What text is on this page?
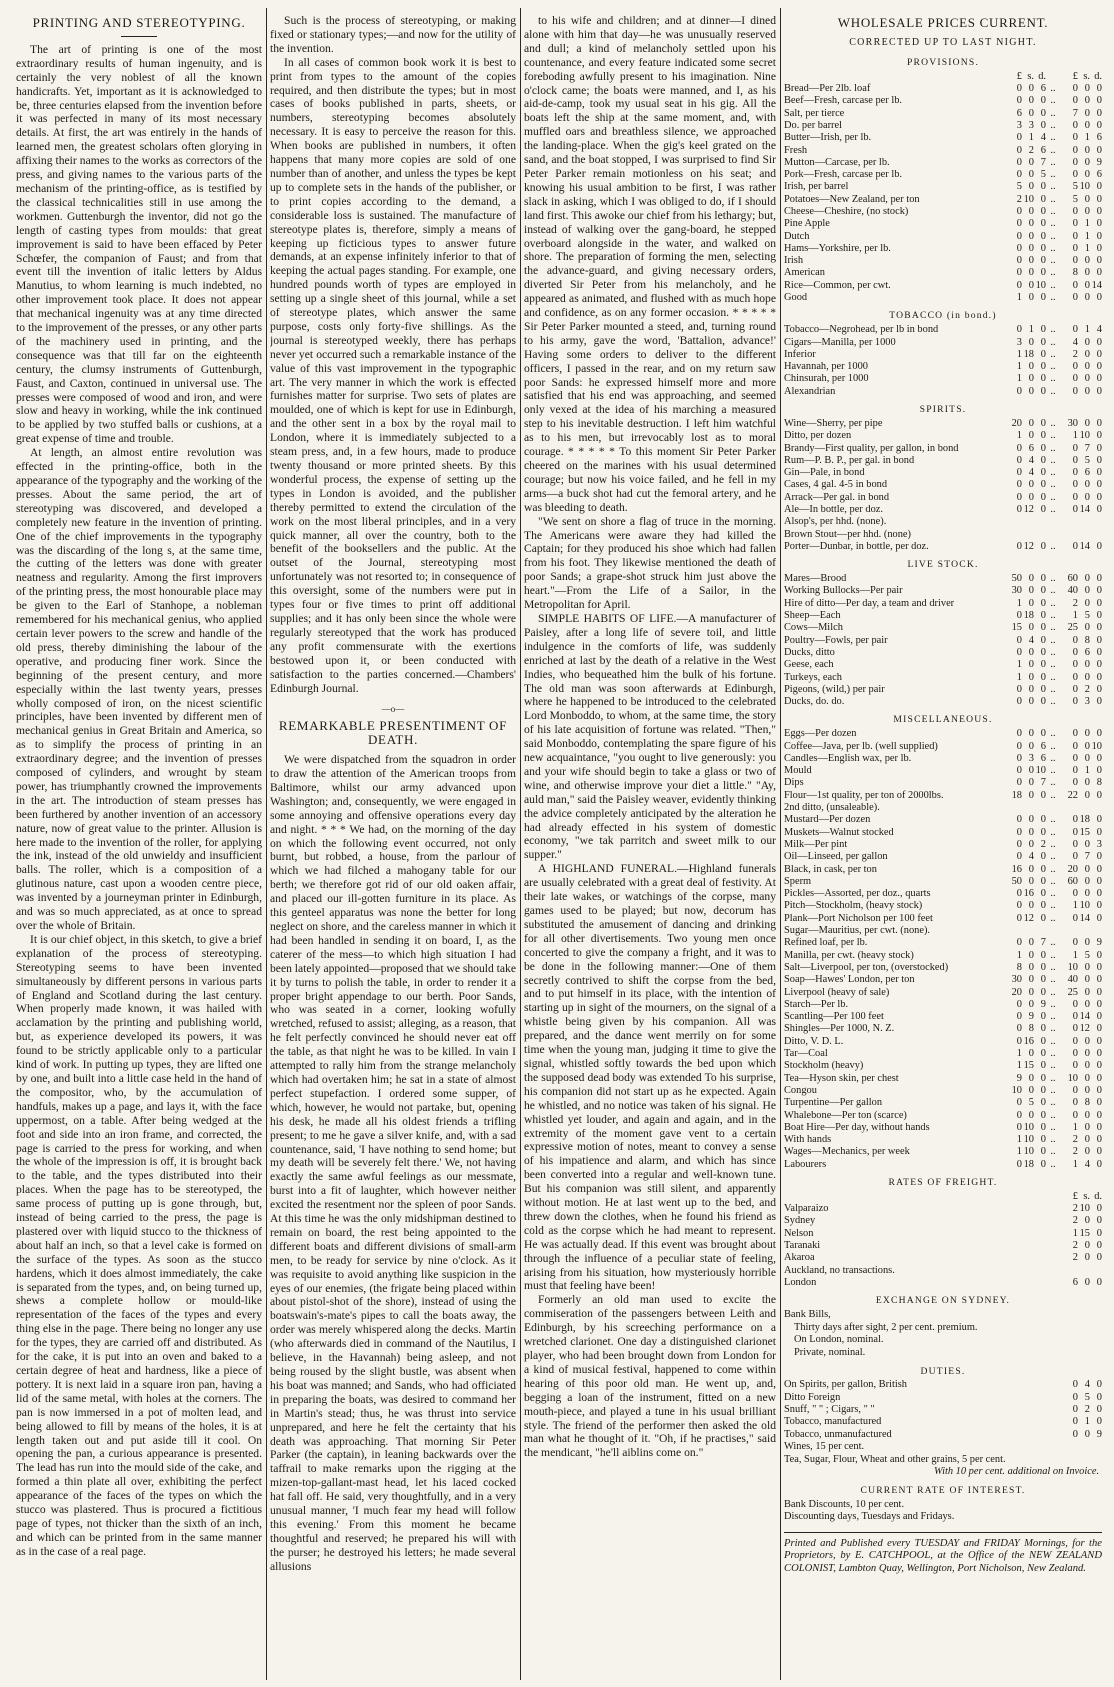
PRINTING AND STEREOTYPING.

The art of printing is one of the most extraordinary results of human ingenuity, and is certainly the very noblest of all the known handicrafts. Yet, important as it is acknowledged to be, three centuries elapsed from the invention before it was perfected in many of its most necessary details. At first, the art was entirely in the hands of learned men, the greatest scholars often glorying in affixing their names to the works as correctors of the press, and giving names to the various parts of the mechanism of the printing-office, as is testified by the classical technicalities still in use among the workmen. Guttenburgh the inventor, did not go the length of casting types from moulds: that great improvement is said to have been effaced by Peter Schœfer, the companion of Faust; and from that event till the invention of italic letters by Aldus Manutius, to whom learning is much indebted, no other improvement took place. It does not appear that mechanical ingenuity was at any time directed to the improvement of the presses, or any other parts of the machinery used in printing, and the consequence was that till far on the eighteenth century, the clumsy instruments of Guttenburgh, Faust, and Caxton, continued in universal use. The presses were composed of wood and iron, and were slow and heavy in working, while the ink continued to be applied by two stuffed balls or cushions, at a great expense of time and trouble.

At length, an almost entire revolution was effected in the printing-office, both in the appearance of the typography and the working of the presses. About the same period, the art of stereotyping was discovered, and developed a completely new feature in the invention of printing. One of the chief improvements in the typography was the discarding of the long s, at the same time, the cutting of the letters was done with greater neatness and regularity. Among the first improvers of the printing press, the most honourable place may be given to the Earl of Stanhope, a nobleman remembered for his mechanical genius, who applied certain lever powers to the screw and handle of the old press, thereby diminishing the labour of the operative, and producing finer work. Since the beginning of the present century, and more especially within the last twenty years, presses wholly composed of iron, on the nicest scientific principles, have been invented by different men of mechanical genius in Great Britain and America, so as to simplify the process of printing in an extraordinary degree; and the invention of presses composed of cylinders, and wrought by steam power, has triumphantly crowned the improvements in the art. The introduction of steam presses has been furthered by another invention of an accessory nature, now of great value to the printer. Allusion is here made to the invention of the roller, for applying the ink, instead of the old unwieldy and insufficient balls. The roller, which is a composition of a glutinous nature, cast upon a wooden centre piece, was invented by a journeyman printer in Edinburgh, and was so much appreciated, as at once to spread over the whole of Britain.

It is our chief object, in this sketch, to give a brief explanation of the process of stereotyping. Stereotyping seems to have been invented simultaneously by different persons in various parts of England and Scotland during the last century. When properly made known, it was hailed with acclamation by the printing and publishing world, but, as experience developed its powers, it was found to be strictly applicable only to a particular kind of work. In putting up types, they are lifted one by one, and built into a little case held in the hand of the compositor, who, by the accumulation of handfuls, makes up a page, and lays it, with the face uppermost, on a table. After being wedged at the foot and side into an iron frame, and corrected, the page is carried to the press for working, and when the whole of the impression is off, it is brought back to the table, and the types distributed into their places. When the page has to be stereotyped, the same process of putting up is gone through, but, instead of being carried to the press, the page is plastered over with liquid stucco to the thickness of about half an inch, so that a level cake is formed on the surface of the types. As soon as the stucco hardens, which it does almost immediately, the cake is separated from the types, and, on being turned up, shews a complete hollow or mould-like representation of the faces of the types and every thing else in the page. There being no longer any use for the types, they are carried off and distributed. As for the cake, it is put into an oven and baked to a certain degree of heat and hardness, like a piece of pottery. It is next laid in a square iron pan, having a lid of the same metal, with holes at the corners. The pan is now immersed in a pot of molten lead, and being allowed to fill by means of the holes, it is at length taken out and put aside till it cool. On opening the pan, a curious appearance is presented. The lead has run into the mould side of the cake, and formed a thin plate all over, exhibiting the perfect appearance of the faces of the types on which the stucco was plastered. Thus is procured a fictitious page of types, not thicker than the sixth of an inch, and which can be printed from in the same manner as in the case of a real page.

Such is the process of stereotyping, or making fixed or stationary types;—and now for the utility of the invention.

In all cases of common book work it is best to print from types to the amount of the copies required, and then distribute the types; but in most cases of books published in parts, sheets, or numbers, stereotyping becomes absolutely necessary. It is easy to perceive the reason for this. When books are published in numbers, it often happens that many more copies are sold of one number than of another, and unless the types be kept up to complete sets in the hands of the publisher, or to print copies according to the demand, a considerable loss is sustained. The manufacture of stereotype plates is, therefore, simply a means of keeping up ficticious types to answer future demands, at an expense infinitely inferior to that of keeping the actual pages standing. For example, one hundred pounds worth of types are employed in setting up a single sheet of this journal, while a set of stereotype plates, which answer the same purpose, costs only forty-five shillings. As the journal is stereotyped weekly, there has perhaps never yet occurred such a remarkable instance of the value of this vast improvement in the typographic art. The very manner in which the work is effected furnishes matter for surprise. Two sets of plates are moulded, one of which is kept for use in Edinburgh, and the other sent in a box by the royal mail to London, where it is immediately subjected to a steam press, and, in a few hours, made to produce twenty thousand or more printed sheets. By this wonderful process, the expense of setting up the types in London is avoided, and the publisher thereby permitted to extend the circulation of the work on the most liberal principles, and in a very quick manner, all over the country, both to the benefit of the booksellers and the public. At the outset of the Journal, stereotyping most unfortunately was not resorted to; in consequence of this oversight, some of the numbers were put in types four or five times to print off additional supplies; and it has only been since the whole were regularly stereotyped that the work has produced any profit commensurate with the exertions bestowed upon it, or been conducted with satisfaction to the parties concerned.—Chambers' Edinburgh Journal.

—o—
REMARKABLE PRESENTIMENT OF DEATH.

We were dispatched from the squadron in order to draw the attention of the American troops from Baltimore, whilst our army advanced upon Washington; and, consequently, we were engaged in some annoying and offensive operations every day and night. * * * We had, on the morning of the day on which the following event occurred, not only burnt, but robbed, a house, from the parlour of which we had filched a mahogany table for our berth; we therefore got rid of our old oaken affair, and placed our ill-gotten furniture in its place. As this genteel apparatus was none the better for long neglect on shore, and the careless manner in which it had been handled in sending it on board, I, as the caterer of the mess—to which high situation I had been lately appointed—proposed that we should take it by turns to polish the table, in order to render it a proper bright appendage to our berth. Poor Sands, who was seated in a corner, looking wofully wretched, refused to assist; alleging, as a reason, that he felt perfectly convinced he should never eat off the table, as that night he was to be killed. In vain I attempted to rally him from the strange melancholy which had overtaken him; he sat in a state of almost perfect stupefaction. I ordered some supper, of which, however, he would not partake, but, opening his desk, he made all his oldest friends a trifling present; to me he gave a silver knife, and, with a sad countenance, said, 'I have nothing to send home; but my death will be severely felt there.' We, not having exactly the same awful feelings as our messmate, burst into a fit of laughter, which however neither excited the resentment nor the spleen of poor Sands. At this time he was the only midshipman destined to remain on board, the rest being appointed to the different boats and different divisions of small-arm men, to be ready for service by nine o'clock. As it was requisite to avoid anything like suspicion in the eyes of our enemies, (the frigate being placed within about pistol-shot of the shore), instead of using the boatswain's-mate's pipes to call the boats away, the order was merely whispered along the decks. Martin (who afterwards died in command of the Nautilus, I believe, in the Havannah) being asleep, and not being roused by the slight bustle, was absent when his boat was manned; and Sands, who had officiated in preparing the boats, was desired to command her in Martin's stead; thus, he was thrust into service unprepared, and here he felt the certainty that his death was approaching. That morning Sir Peter Parker (the captain), in leaning backwards over the taffrail to make remarks upon the rigging at the mizen-top-gallant-mast head, let his laced cocked hat fall off. He said, very thoughtfully, and in a very unusual manner, 'I much fear my head will follow this evening.' From this moment he became thoughtful and reserved; he prepared his will with the purser; he destroyed his letters; he made several allusions

to his wife and children; and at dinner—I dined alone with him that day—he was unusually reserved and dull; a kind of melancholy settled upon his countenance, and every feature indicated some secret foreboding awfully present to his imagination. Nine o'clock came; the boats were manned, and I, as his aid-de-camp, took my usual seat in his gig. All the boats left the ship at the same moment, and, with muffled oars and breathless silence, we approached the landing-place. When the gig's keel grated on the sand, and the boat stopped, I was surprised to find Sir Peter Parker remain motionless on his seat; and knowing his usual ambition to be first, I was rather slack in asking, which I was obliged to do, if I should land first. This awoke our chief from his lethargy; but, instead of walking over the gang-board, he stepped overboard alongside in the water, and walked on shore. The preparation of forming the men, selecting the advance-guard, and giving necessary orders, diverted Sir Peter from his melancholy, and he appeared as animated, and flushed with as much hope and confidence, as on any former occasion. * * * * * Sir Peter Parker mounted a steed, and, turning round to his army, gave the word, 'Battalion, advance!' Having some orders to deliver to the different officers, I passed in the rear, and on my return saw poor Sands: he expressed himself more and more satisfied that his end was approaching, and seemed only vexed at the idea of his marching a measured step to his inevitable destruction. I left him watchful as to his men, but irrevocably lost as to moral courage. * * * * * To this moment Sir Peter Parker cheered on the marines with his usual determined courage; but now his voice failed, and he fell in my arms—a buck shot had cut the femoral artery, and he was bleeding to death.

"We sent on shore a flag of truce in the morning. The Americans were aware they had killed the Captain; for they produced his shoe which had fallen from his foot. They likewise mentioned the death of poor Sands; a grape-shot struck him just above the heart."—From the Life of a Sailor, in the Metropolitan for April.

SIMPLE HABITS OF LIFE.—A manufacturer of Paisley, after a long life of severe toil, and little indulgence in the comforts of life, was suddenly enriched at last by the death of a relative in the West Indies, who bequeathed him the bulk of his fortune. The old man was soon afterwards at Edinburgh, where he happened to be introduced to the celebrated Lord Monboddo, to whom, at the same time, the story of his late acquisition of fortune was related. "Then," said Monboddo, contemplating the spare figure of his new acquaintance, "you ought to live generously: you and your wife should begin to take a glass or two of wine, and otherwise improve your diet a little." "Ay, auld man," said the Paisley weaver, evidently thinking the advice completely anticipated by the alteration he had already effected in his system of domestic economy, "we tak parritch and sweet milk to our supper."

A HIGHLAND FUNERAL.—Highland funerals are usually celebrated with a great deal of festivity. At their late wakes, or watchings of the corpse, many games used to be played; but now, decorum has substituted the amusement of dancing and drinking for all other divertisements. Two young men once concerted to give the company a fright, and it was to be done in the following manner:—One of them secretly contrived to shift the corpse from the bed, and to put himself in its place, with the intention of starting up in sight of the mourners, on the signal of a whistle being given by his companion. All was prepared, and the dance went merrily on for some time when the young man, judging it time to give the signal, whistled softly towards the bed upon which the supposed dead body was extended To his surprise, his companion did not start up as he expected. Again he whistled, and no notice was taken of his signal. He whistled yet louder, and again and again, and in the extremity of the moment gave vent to a certain expressive motion of notes, meant to convey a sense of his impatience and alarm, and which has since been converted into a regular and well-known tune. But his companion was still silent, and apparently without motion. He at last went up to the bed, and threw down the clothes, when he found his friend as cold as the corpse which he had meant to represent. He was actually dead. If this event was brought about through the influence of a peculiar state of feeling, arising from his situation, how mysteriously horrible must that feeling have been!

Formerly an old man used to excite the commiseration of the passengers between Leith and Edinburgh, by his screeching performance on a wretched clarionet. One day a distinguished clarionet player, who had been brought down from London for a kind of musical festival, happened to come within hearing of this poor old man. He went up, and, begging a loan of the instrument, fitted on a new mouth-piece, and played a tune in his usual brilliant style. The friend of the performer then asked the old man what he thought of it. "Oh, if he practises," said the mendicant, "he'll aiblins come on."

WHOLESALE PRICES CURRENT.
CORRECTED UP TO LAST NIGHT.
PROVISIONS.
	£	s.	d.		£	s.	d.
Bread—Per 2lb. loaf	0	0	6	..	0	0	0
Beef—Fresh, carcase per lb.	0	0	0	..	0	0	0
Salt, per tierce	6	0	0	..	7	0	0
Do. per barrel	3	3	0	..	0	0	0
Butter—Irish, per lb.	0	1	4	..	0	1	6
Fresh	0	2	6	..	0	0	0
Mutton—Carcase, per lb.	0	0	7	..	0	0	9
Pork—Fresh, carcase per lb.	0	0	5	..	0	0	6
Irish, per barrel	5	0	0	..	5	10	0
Potatoes—New Zealand, per ton	2	10	0	..	5	0	0
Cheese—Cheshire, (no stock)	0	0	0	..	0	0	0
Pine Apple	0	0	0	..	0	1	0
Dutch	0	0	0	..	0	1	0
Hams—Yorkshire, per lb.	0	0	0	..	0	1	0
Irish	0	0	0	..	0	0	0
American	0	0	0	..	8	0	0
Rice—Common, per cwt.	0	0	10	..	0	0	14
Good	1	0	0	..	0	0	0
TOBACCO (in bond.)
Tobacco—Negrohead, per lb in bond	0	1	0	..	0	1	4
Cigars—Manilla, per 1000	3	0	0	..	4	0	0
Inferior	1	18	0	..	2	0	0
Havannah, per 1000	1	0	0	..	0	0	0
Chinsurah, per 1000	1	0	0	..	0	0	0
Alexandrian	0	0	0	..	0	0	0
SPIRITS.
Wine—Sherry, per pipe	20	0	0	..	30	0	0
Ditto, per dozen	1	0	0	..	1	10	0
Brandy—First quality, per gallon, in bond	0	6	0	..	0	7	0
Rum—P. B. P., per gal. in bond	0	4	0	..	0	5	0
Gin—Pale, in bond	0	4	0	..	0	6	0
Cases, 4 gal. 4-5 in bond	0	0	0	..	0	0	0
Arrack—Per gal. in bond	0	0	0	..	0	0	0
Ale—In bottle, per doz.	0	12	0	..	0	14	0
Alsop's, per hhd. (none).							
Brown Stout—per hhd. (none)							
Porter—Dunbar, in bottle, per doz.	0	12	0	..	0	14	0
LIVE STOCK.
Mares—Brood	50	0	0	..	60	0	0
Working Bullocks—Per pair	30	0	0	..	40	0	0
Hire of ditto—Per day, a team and driver	1	0	0	..	2	0	0
Sheep—Each	0	18	0	..	1	5	0
Cows—Milch	15	0	0	..	25	0	0
Poultry—Fowls, per pair	0	4	0	..	0	8	0
Ducks, ditto	0	0	0	..	0	6	0
Geese, each	1	0	0	..	0	0	0
Turkeys, each	1	0	0	..	0	0	0
Pigeons, (wild,) per pair	0	0	0	..	0	2	0
Ducks, do. do.	0	0	0	..	0	3	0
MISCELLANEOUS.
Eggs—Per dozen	0	0	0	..	0	0	0
Coffee—Java, per lb. (well supplied)	0	0	6	..	0	0	10
Candles—English wax, per lb.	0	3	6	..	0	0	0
Mould	0	0	10	..	0	1	0
Dips	0	0	7	..	0	0	8
Flour—1st quality, per ton of 2000lbs.	18	0	0	..	22	0	0
2nd ditto, (unsaleable).							
Mustard—Per dozen	0	0	0	..	0	18	0
Muskets—Walnut stocked	0	0	0	..	0	15	0
Milk—Per pint	0	0	2	..	0	0	3
Oil—Linseed, per gallon	0	4	0	..	0	7	0
Black, in cask, per ton	16	0	0	..	20	0	0
Sperm	50	0	0	..	60	0	0
Pickles—Assorted, per doz., quarts	0	16	0	..	0	0	0
Pitch—Stockholm, (heavy stock)	0	0	0	..	1	10	0
Plank—Port Nicholson per 100 feet	0	12	0	..	0	14	0
Sugar—Mauritius, per cwt. (none).							
Refined loaf, per lb.	0	0	7	..	0	0	9
Manilla, per cwt. (heavy stock)	1	0	0	..	1	5	0
Salt—Liverpool, per ton, (overstocked)	8	0	0	..	10	0	0
Soap—Hawes' London, per ton	30	0	0	..	40	0	0
Liverpool (heavy of sale)	20	0	0	..	25	0	0
Starch—Per lb.	0	0	9	..	0	0	0
Scantling—Per 100 feet	0	9	0	..	0	14	0
Shingles—Per 1000, N. Z.	0	8	0	..	0	12	0
Ditto, V. D. L.	0	16	0	..	0	0	0
Tar—Coal	1	0	0	..	0	0	0
Stockholm (heavy)	1	15	0	..	0	0	0
Tea—Hyson skin, per chest	9	0	0	..	10	0	0
Congou	10	0	0	..	0	0	0
Turpentine—Per gallon	0	5	0	..	0	8	0
Whalebone—Per ton (scarce)	0	0	0	..	0	0	0
Boat Hire—Per day, without hands	0	10	0	..	1	0	0
With hands	1	10	0	..	2	0	0
Wages—Mechanics, per week	1	10	0	..	2	0	0
Labourers	0	18	0	..	1	4	0
RATES OF FREIGHT.
	£	s.	d.
Valparaizo	2	10	0
Sydney	2	0	0
Nelson	1	15	0
Taranaki	2	0	0
Akaroa	2	0	0
Auckland, no transactions.			
London	6	0	0
EXCHANGE ON SYDNEY.
Bank Bills,
Thirty days after sight, 2 per cent. premium.
On London, nominal.
Private, nominal.
DUTIES.
On Spirits, per gallon, British	0	4	0
Ditto Foreign	0	5	0
Snuff, " " ; Cigars, " "	0	2	0
Tobacco, manufactured	0	1	0
Tobacco, unmanufactured	0	0	9
Wines, 15 per cent.
Tea, Sugar, Flour, Wheat and other grains, 5 per cent.
With 10 per cent. additional on Invoice.
CURRENT RATE OF INTEREST.
Bank Discounts, 10 per cent.
Discounting days, Tuesdays and Fridays.
Printed and Published every TUESDAY and FRIDAY Mornings, for the Proprietors, by E. CATCHPOOL, at the Office of the NEW ZEALAND COLONIST, Lambton Quay, Wellington, Port Nicholson, New Zealand.
